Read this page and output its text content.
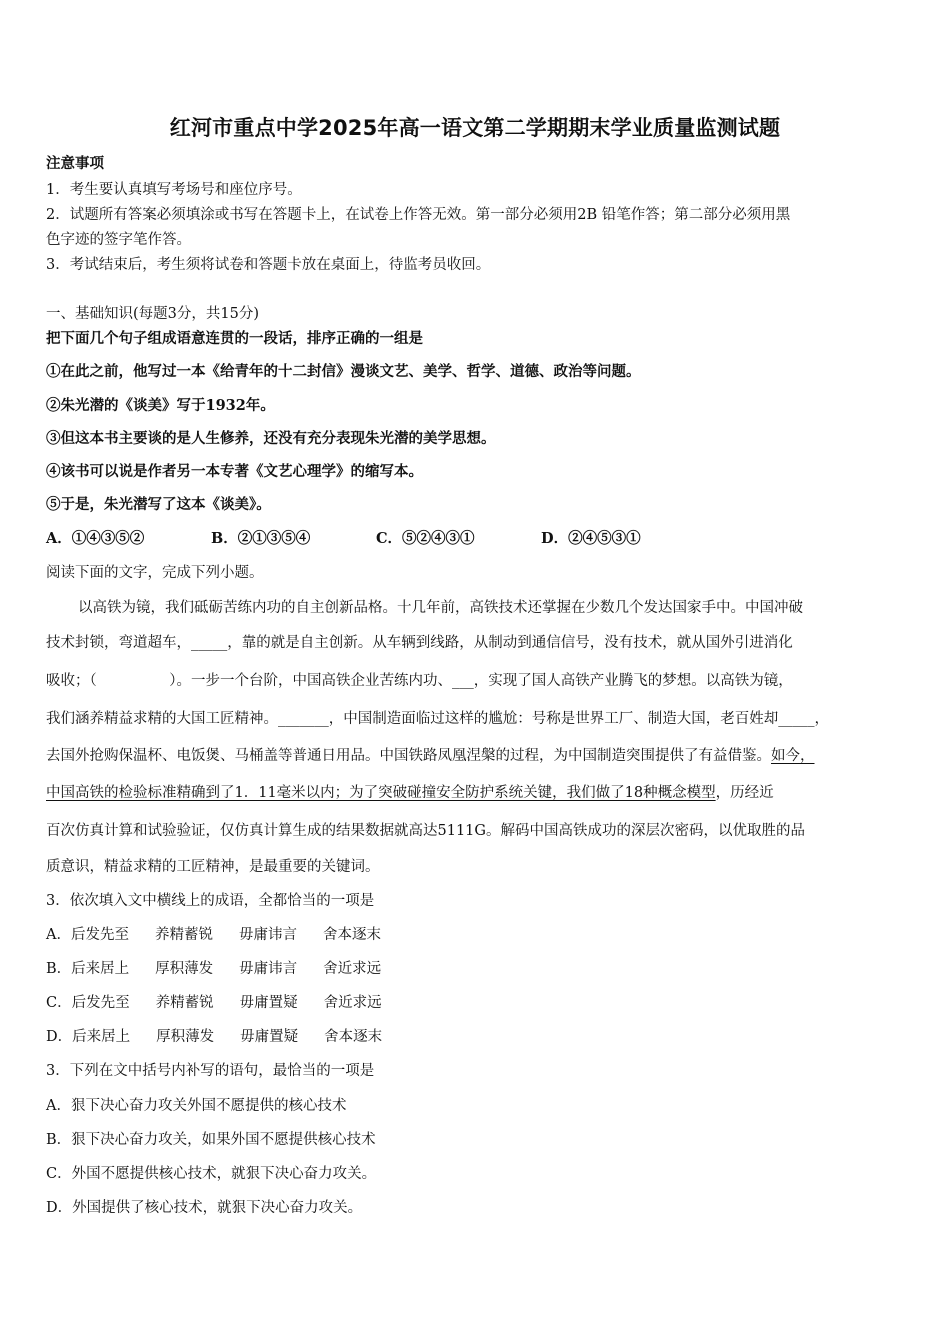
红河市重点中学2025年高一语文第二学期期末学业质量监测试题
注意事项
1．考生要认真填写考场号和座位序号。
2．试题所有答案必须填涂或书写在答题卡上，在试卷上作答无效。第一部分必须用2B 铅笔作答；第二部分必须用黑
色字迹的签字笔作答。
3．考试结束后，考生须将试卷和答题卡放在桌面上，待监考员收回。
一、基础知识(每题3分，共15分)
把下面几个句子组成语意连贯的一段话，排序正确的一组是
①在此之前，他写过一本《给青年的十二封信》漫谈文艺、美学、哲学、道德、政治等问题。
②朱光潜的《谈美》写于1932年。
③但这本书主要谈的是人生修养，还没有充分表现朱光潜的美学思想。
④该书可以说是作者另一本专著《文艺心理学》的缩写本。
⑤于是，朱光潜写了这本《谈美》。
A．①④③⑤②	B．②①③⑤④	C．⑤②④③①	D．②④⑤③①
阅读下面的文字，完成下列小题。
以高铁为镜，我们砥砺苦练内功的自主创新品格。十几年前，高铁技术还掌握在少数几个发达国家手中。中国冲破
技术封锁，弯道超车，_____，靠的就是自主创新。从车辆到线路，从制动到通信信号，没有技术，就从国外引进消化
吸收；（　　　　　）。一步一个台阶，中国高铁企业苦练内功、___，实现了国人高铁产业腾飞的梦想。以高铁为镜，
我们涵养精益求精的大国工匠精神。_______，中国制造面临过这样的尴尬：号称是世界工厂、制造大国，老百姓却_____，
去国外抢购保温杯、电饭煲、马桶盖等普通日用品。中国铁路凤凰涅槃的过程，为中国制造突围提供了有益借鉴。如今，
中国高铁的检验标准精确到了1．11毫米以内；为了突破碰撞安全防护系统关键，我们做了18种概念模型，历经近
百次仿真计算和试验验证，仅仿真计算生成的结果数据就高达5111G。解码中国高铁成功的深层次密码，以优取胜的品
质意识，精益求精的工匠精神，是最重要的关键词。
3．依次填入文中横线上的成语，全都恰当的一项是
A．后发先至 养精蓄锐 毋庸讳言 舍本逐末
B．后来居上 厚积薄发 毋庸讳言 舍近求远
C．后发先至 养精蓄锐 毋庸置疑 舍近求远
D．后来居上 厚积薄发 毋庸置疑 舍本逐末
3．下列在文中括号内补写的语句，最恰当的一项是
A．狠下决心奋力攻关外国不愿提供的核心技术
B．狠下决心奋力攻关，如果外国不愿提供核心技术
C．外国不愿提供核心技术，就狠下决心奋力攻关。
D．外国提供了核心技术，就狠下决心奋力攻关。
